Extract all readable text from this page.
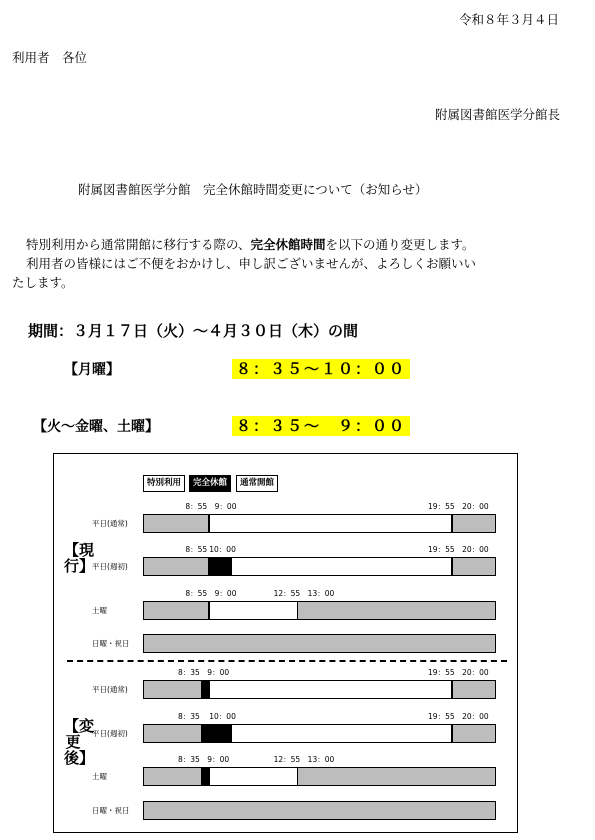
令和８年３月４日
利用者　各位
附属図書館医学分館長
附属図書館医学分館　完全休館時間変更について（お知らせ）

特別利用から通常開館に移行する際の、完全休館時間を以下の通り変更します。

利用者の皆様にはご不便をおかけし、申し訳ございませんが、よろしくお願いい

たします。

期間：３月１７日（火）～４月３０日（木）の間
【月曜】	８：３５～１０：００
【火～金曜、土曜】	８：３５～　９：００
特別利用	完全休館	通常開館
【現行】
【変更後】
平日(通常)
8：55　9：00	19：55　20：00
平日(週初)
8：55 10：00	19：55　20：00
土曜
8：55　9：00	12：55　13：00
日曜・祝日
平日(通常)
8：35　9：00	19：55　20：00
平日(週初)
8：35 10：00	19：55　20：00
土曜
8：35　9：00	12：55　13：00
日曜・祝日
